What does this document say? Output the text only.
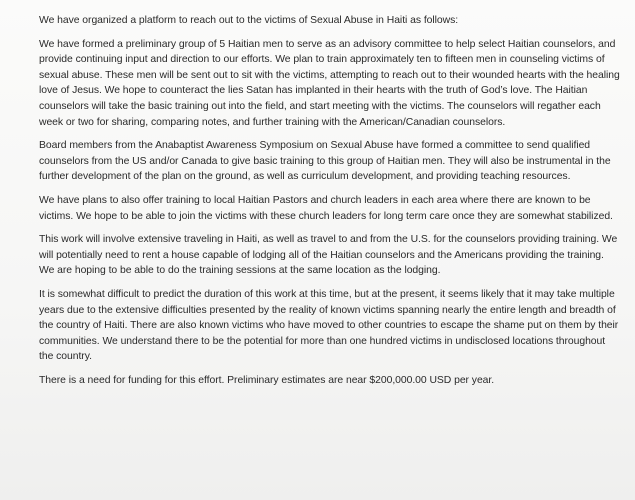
We have organized a platform to reach out to the victims of Sexual Abuse in Haiti as follows:

We have formed a preliminary group of 5 Haitian men to serve as an advisory committee to help select Haitian counselors, and provide continuing input and direction to our efforts. We plan to train approximately ten to fifteen men in counseling victims of sexual abuse. These men will be sent out to sit with the victims, attempting to reach out to their wounded hearts with the healing love of Jesus. We hope to counteract the lies Satan has implanted in their hearts with the truth of God’s love. The Haitian counselors will take the basic training out into the field, and start meeting with the victims. The counselors will regather each week or two for sharing, comparing notes, and further training with the American/Canadian counselors.

Board members from the Anabaptist Awareness Symposium on Sexual Abuse have formed a committee to send qualified counselors from the US and/or Canada to give basic training to this group of Haitian men. They will also be instrumental in the further development of the plan on the ground, as well as curriculum development, and providing teaching resources.

We have plans to also offer training to local Haitian Pastors and church leaders in each area where there are known to be victims. We hope to be able to join the victims with these church leaders for long term care once they are somewhat stabilized.

This work will involve extensive traveling in Haiti, as well as travel to and from the U.S. for the counselors providing training. We will potentially need to rent a house capable of lodging all of the Haitian counselors and the Americans providing the training. We are hoping to be able to do the training sessions at the same location as the lodging.

It is somewhat difficult to predict the duration of this work at this time, but at the present, it seems likely that it may take multiple years due to the extensive difficulties presented by the reality of known victims spanning nearly the entire length and breadth of the country of Haiti. There are also known victims who have moved to other countries to escape the shame put on them by their communities. We understand there to be the potential for more than one hundred victims in undisclosed locations throughout the country.

There is a need for funding for this effort. Preliminary estimates are near $200,000.00 USD per year.
